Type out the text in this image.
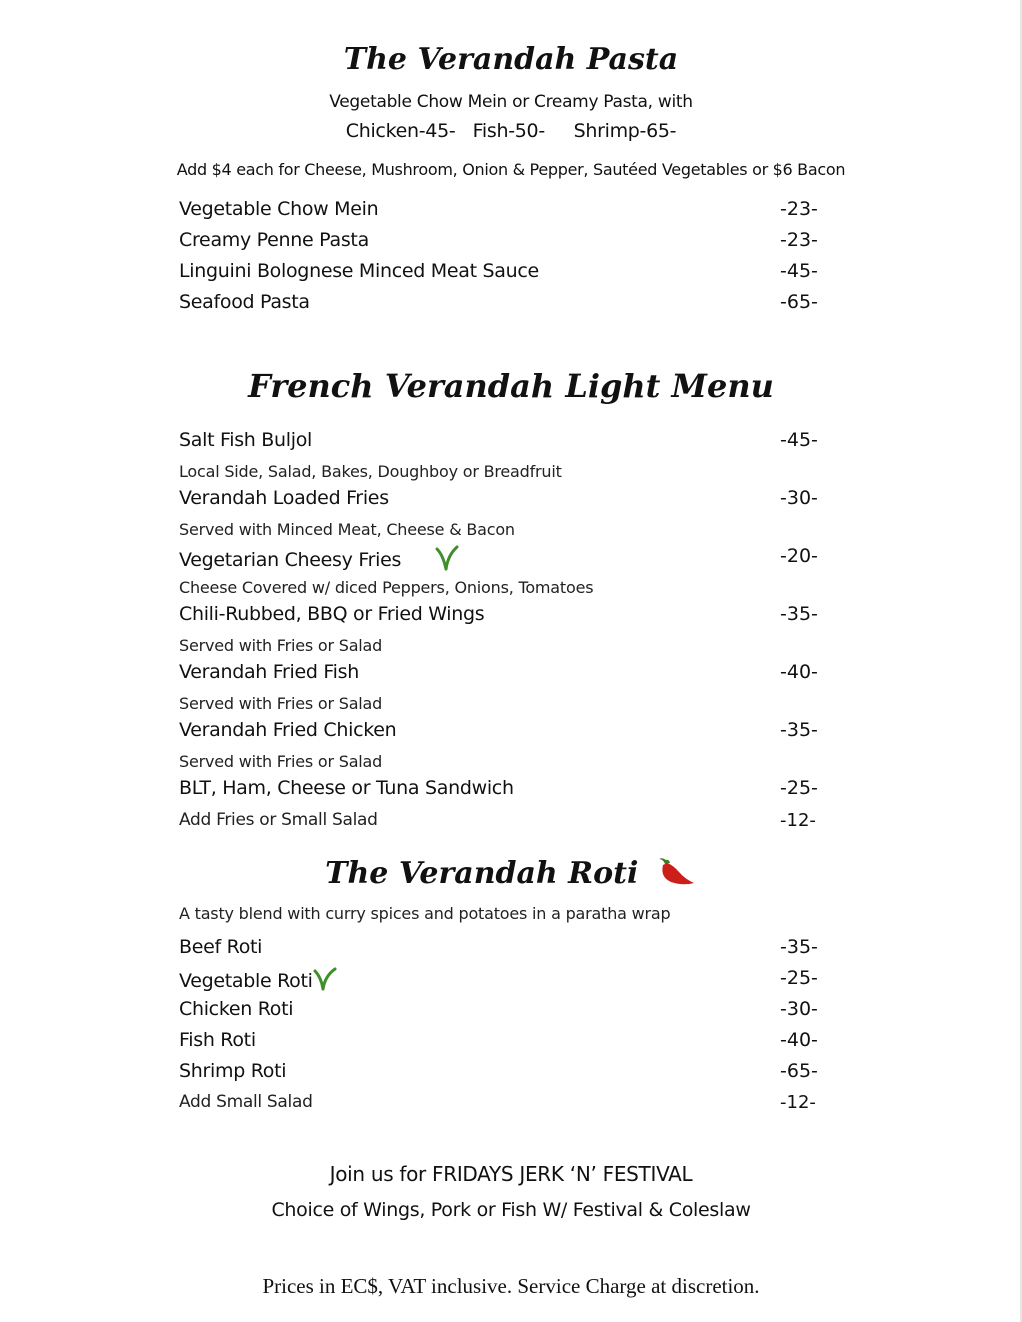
The Verandah Pasta
Vegetable Chow Mein or Creamy Pasta, with
Chicken-45-   Fish-50-     Shrimp-65-
Add $4 each for Cheese, Mushroom, Onion & Pepper, Sautéed Vegetables or $6 Bacon
Vegetable Chow Mein	-23-
Creamy Penne Pasta	-23-
Linguini Bolognese Minced Meat Sauce	-45-
Seafood Pasta	-65-
French Verandah Light Menu
Salt Fish Buljol	-45-
Local Side, Salad, Bakes, Doughboy or Breadfruit
Verandah Loaded Fries	-30-
Served with Minced Meat, Cheese & Bacon
Vegetarian Cheesy Fries	-20-
Cheese Covered w/ diced Peppers, Onions, Tomatoes
Chili-Rubbed, BBQ or Fried Wings	-35-
Served with Fries or Salad
Verandah Fried Fish	-40-
Served with Fries or Salad
Verandah Fried Chicken	-35-
Served with Fries or Salad
BLT, Ham, Cheese or Tuna Sandwich	-25-
Add Fries or Small Salad	-12-
The Verandah Roti
A tasty blend with curry spices and potatoes in a paratha wrap
Beef Roti	-35-
Vegetable Roti	-25-
Chicken Roti	-30-
Fish Roti	-40-
Shrimp Roti	-65-
Add Small Salad	-12-
Join us for FRIDAYS JERK ‘N’ FESTIVAL
Choice of Wings, Pork or Fish W/ Festival & Coleslaw
Prices in EC$, VAT inclusive. Service Charge at discretion.
